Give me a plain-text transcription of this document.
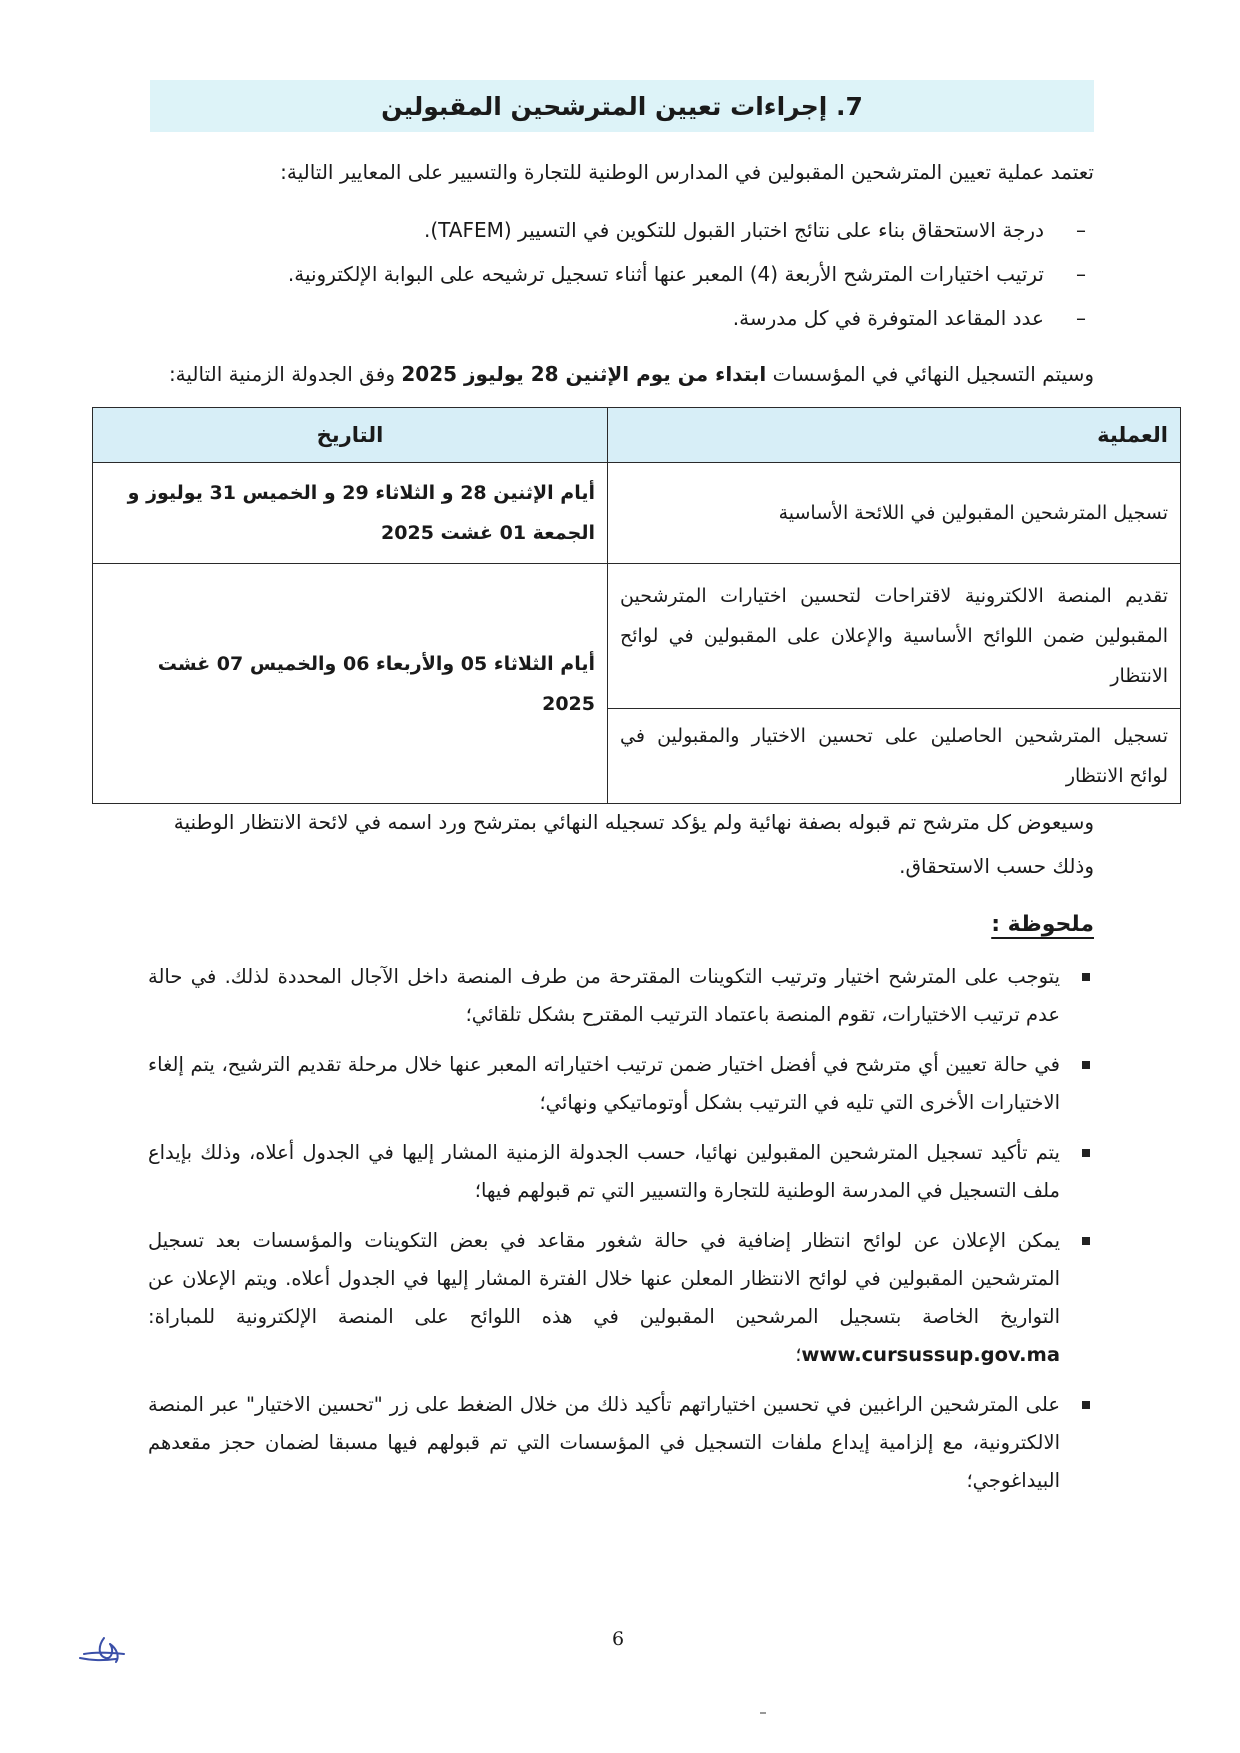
7. إجراءات تعيين المترشحين المقبولين
تعتمد عملية تعيين المترشحين المقبولين في المدارس الوطنية للتجارة والتسيير على المعايير التالية:
–
درجة الاستحقاق بناء على نتائج اختبار القبول للتكوين في التسيير (TAFEM).
–
ترتيب اختيارات المترشح الأربعة (4) المعبر عنها أثناء تسجيل ترشيحه على البوابة الإلكترونية.
–
عدد المقاعد المتوفرة في كل مدرسة.
وسيتم التسجيل النهائي في المؤسسات ابتداء من يوم الإثنين 28 يوليوز 2025 وفق الجدولة الزمنية التالية:
العملية	التاريخ
تسجيل المترشحين المقبولين في اللائحة الأساسية	أيام الإثنين 28 و الثلاثاء 29 و الخميس 31 يوليوز و الجمعة 01 غشت 2025
تقديم المنصة الالكترونية لاقتراحات لتحسين اختيارات المترشحين المقبولين ضمن اللوائح الأساسية والإعلان على المقبولين في لوائح الانتظار	أيام الثلاثاء 05 والأربعاء 06 والخميس 07 غشت 2025
تسجيل المترشحين الحاصلين على تحسين الاختيار والمقبولين في لوائح الانتظار	
وسيعوض كل مترشح تم قبوله بصفة نهائية ولم يؤكد تسجيله النهائي بمترشح ورد اسمه في لائحة الانتظار الوطنية وذلك حسب الاستحقاق.
ملحوظة :
يتوجب على المترشح اختيار وترتيب التكوينات المقترحة من طرف المنصة داخل الآجال المحددة لذلك. في حالة عدم ترتيب الاختيارات، تقوم المنصة باعتماد الترتيب المقترح بشكل تلقائي؛
في حالة تعيين أي مترشح في أفضل اختيار ضمن ترتيب اختياراته المعبر عنها خلال مرحلة تقديم الترشيح، يتم إلغاء الاختيارات الأخرى التي تليه في الترتيب بشكل أوتوماتيكي ونهائي؛
يتم تأكيد تسجيل المترشحين المقبولين نهائيا، حسب الجدولة الزمنية المشار إليها في الجدول أعلاه، وذلك بإيداع ملف التسجيل في المدرسة الوطنية للتجارة والتسيير التي تم قبولهم فيها؛
يمكن الإعلان عن لوائح انتظار إضافية في حالة شغور مقاعد في بعض التكوينات والمؤسسات بعد تسجيل المترشحين المقبولين في لوائح الانتظار المعلن عنها خلال الفترة المشار إليها في الجدول أعلاه. ويتم الإعلان عن التواريخ الخاصة بتسجيل المرشحين المقبولين في هذه اللوائح على المنصة الإلكترونية للمباراة: www.cursussup.gov.ma؛
على المترشحين الراغبين في تحسين اختياراتهم تأكيد ذلك من خلال الضغط على زر "تحسين الاختيار" عبر المنصة الالكترونية، مع إلزامية إيداع ملفات التسجيل في المؤسسات التي تم قبولهم فيها مسبقا لضمان حجز مقعدهم البيداغوجي؛
6
